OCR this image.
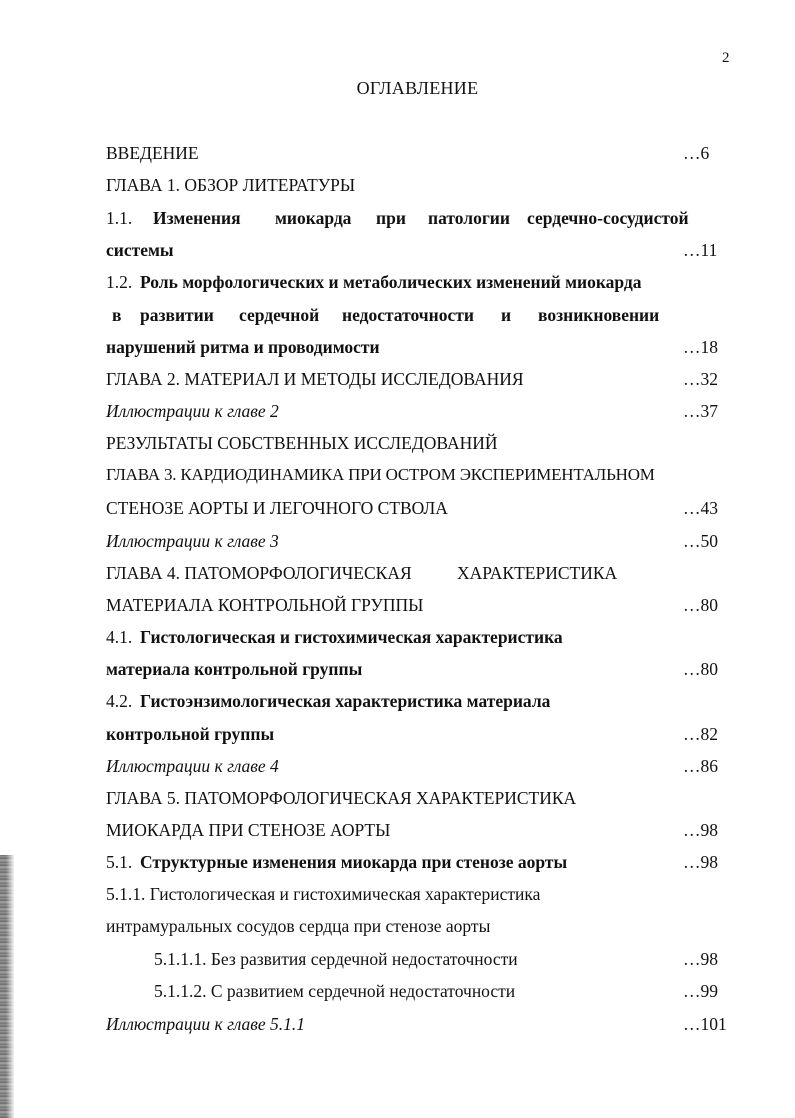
2
ОГЛАВЛЕНИЕ
ВВЕДЕНИЕ	…6
ГЛАВА 1. ОБЗОР ЛИТЕРАТУРЫ
1.1. Изменения миокарда при патологии сердечно-сосудистой
системы	…11
1.2. Роль морфологических и метаболических изменений миокарда
в развитии сердечной недостаточности и возникновении
нарушений ритма и проводимости	…18
ГЛАВА 2. МАТЕРИАЛ И МЕТОДЫ ИССЛЕДОВАНИЯ	…32
Иллюстрации к главе 2	…37
РЕЗУЛЬТАТЫ СОБСТВЕННЫХ ИССЛЕДОВАНИЙ
ГЛАВА 3. КАРДИОДИНАМИКА ПРИ ОСТРОМ ЭКСПЕРИМЕНТАЛЬНОМ
СТЕНОЗЕ АОРТЫ И ЛЕГОЧНОГО СТВОЛА	…43
Иллюстрации к главе 3	…50
ГЛАВА 4. ПАТОМОРФОЛОГИЧЕСКАЯ	ХАРАКТЕРИСТИКА
МАТЕРИАЛА КОНТРОЛЬНОЙ ГРУППЫ	…80
4.1. Гистологическая и гистохимическая характеристика
материала контрольной группы	…80
4.2. Гистоэнзимологическая характеристика материала
контрольной группы	…82
Иллюстрации к главе 4	…86
ГЛАВА 5. ПАТОМОРФОЛОГИЧЕСКАЯ ХАРАКТЕРИСТИКА
МИОКАРДА ПРИ СТЕНОЗЕ АОРТЫ	…98
5.1. Структурные изменения миокарда при стенозе аорты	…98
5.1.1. Гистологическая и гистохимическая характеристика
интрамуральных сосудов сердца при стенозе аорты
5.1.1.1. Без развития сердечной недостаточности	…98
5.1.1.2. С развитием сердечной недостаточности	…99
Иллюстрации к главе 5.1.1	…101
